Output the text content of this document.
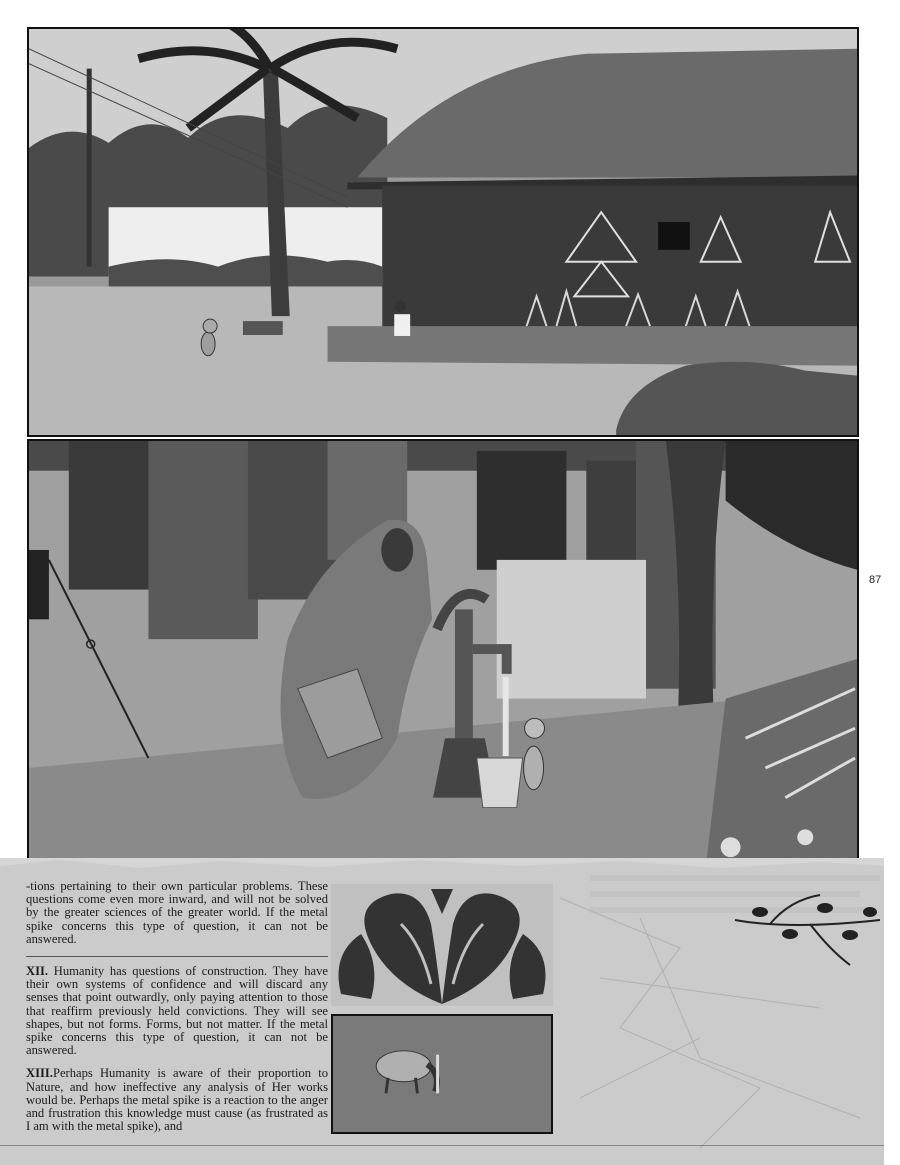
87

-tions pertaining to their own particular problems. These questions come even more inward, and will not be solved by the greater sciences of the greater world. If the metal spike concerns this type of question, it can not be answered.

XII. Humanity has questions of construction. They have their own systems of confidence and will discard any senses that point outwardly, only paying attention to those that reaffirm previously held convictions. They will see shapes, but not forms. Forms, but not matter. If the metal spike concerns this type of question, it can not be answered.

XIII.Perhaps Humanity is aware of their proportion to Nature, and how ineffective any analysis of Her works would be. Perhaps the metal spike is a reaction to the anger and frustration this knowledge must cause (as frustrated as I am with the metal spike), and
